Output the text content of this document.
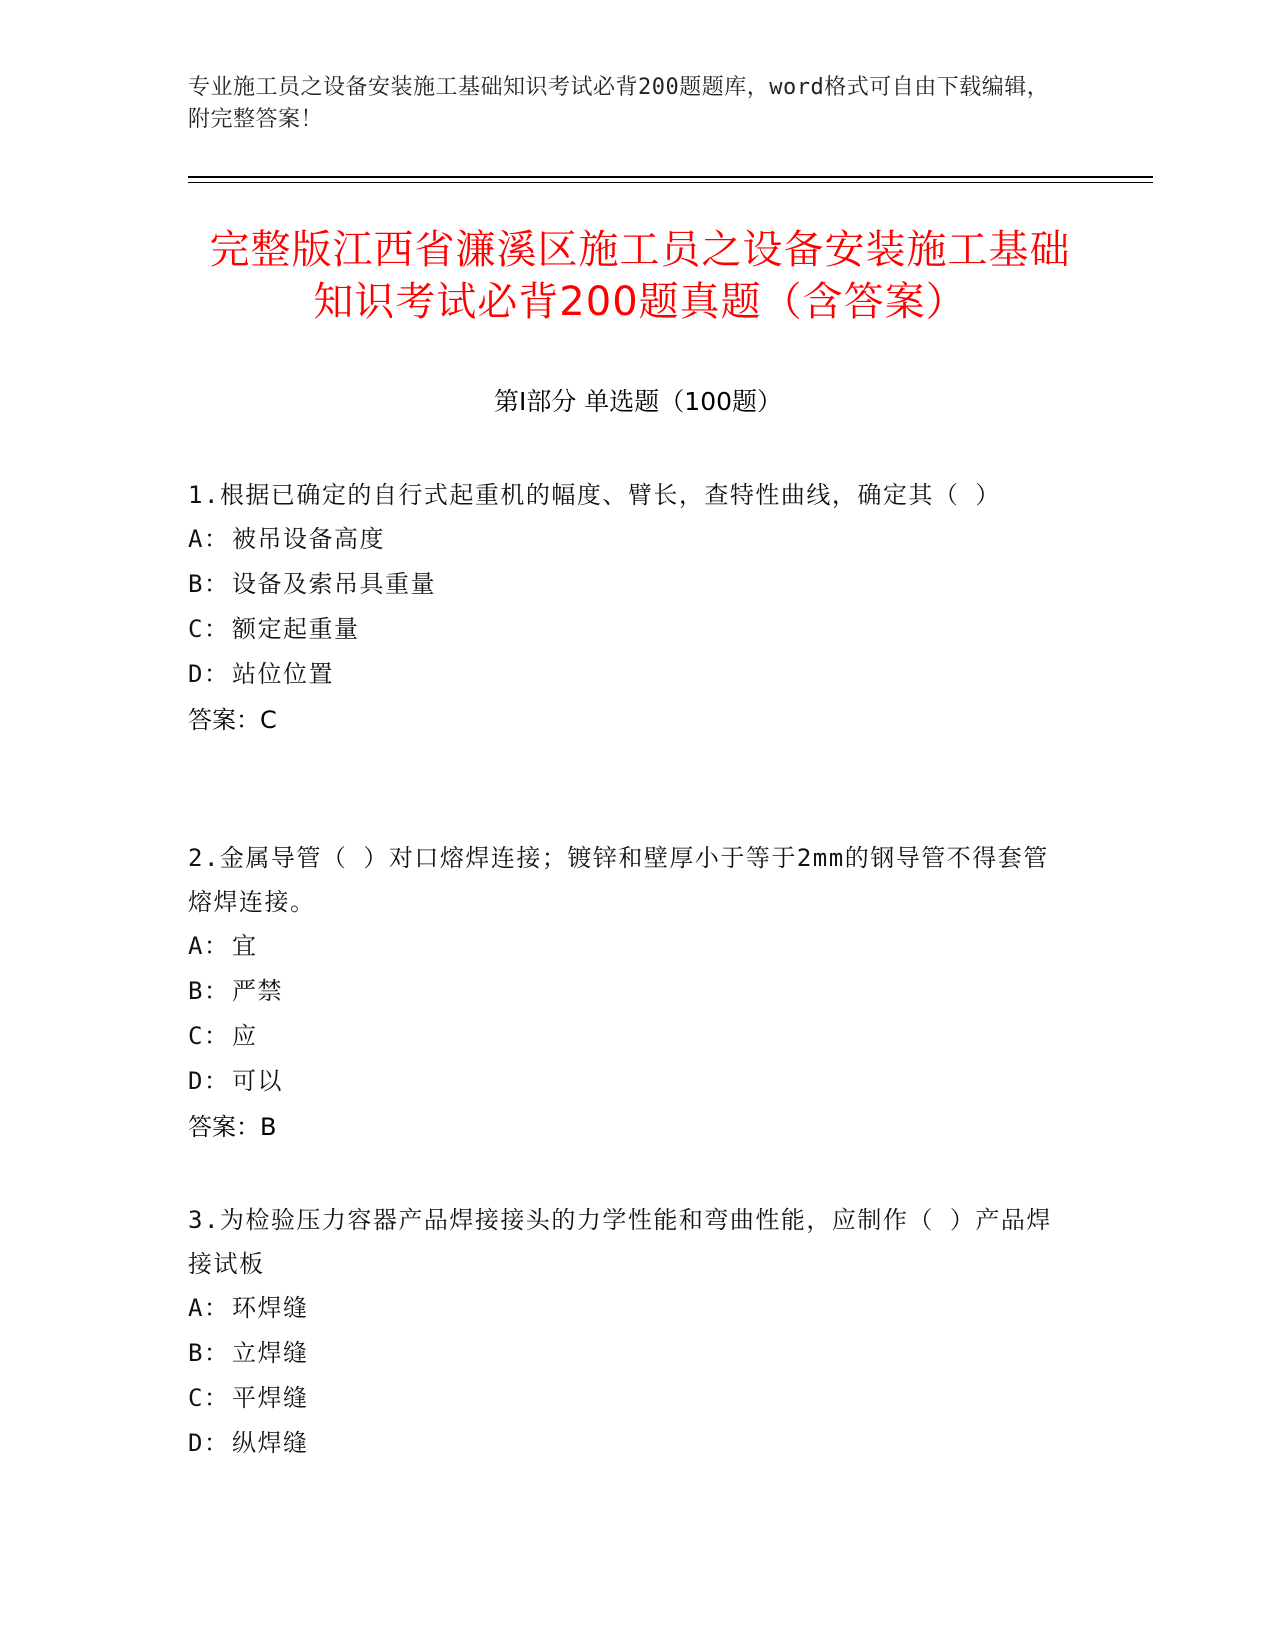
专业施工员之设备安装施工基础知识考试必背200题题库，word格式可自由下载编辑，附完整答案！
完整版江西省濂溪区施工员之设备安装施工基础知识考试必背200题真题（含答案）
第Ⅰ部分 单选题（100题）
1.根据已确定的自行式起重机的幅度、臂长，查特性曲线，确定其（ ）
A： 被吊设备高度
B： 设备及索吊具重量
C： 额定起重量
D： 站位位置
答案：C
2.金属导管（ ）对口熔焊连接；镀锌和壁厚小于等于2mm的钢导管不得套管熔焊连接。
A： 宜
B： 严禁
C： 应
D： 可以
答案：B
3.为检验压力容器产品焊接接头的力学性能和弯曲性能，应制作（ ）产品焊接试板
A： 环焊缝
B： 立焊缝
C： 平焊缝
D： 纵焊缝
